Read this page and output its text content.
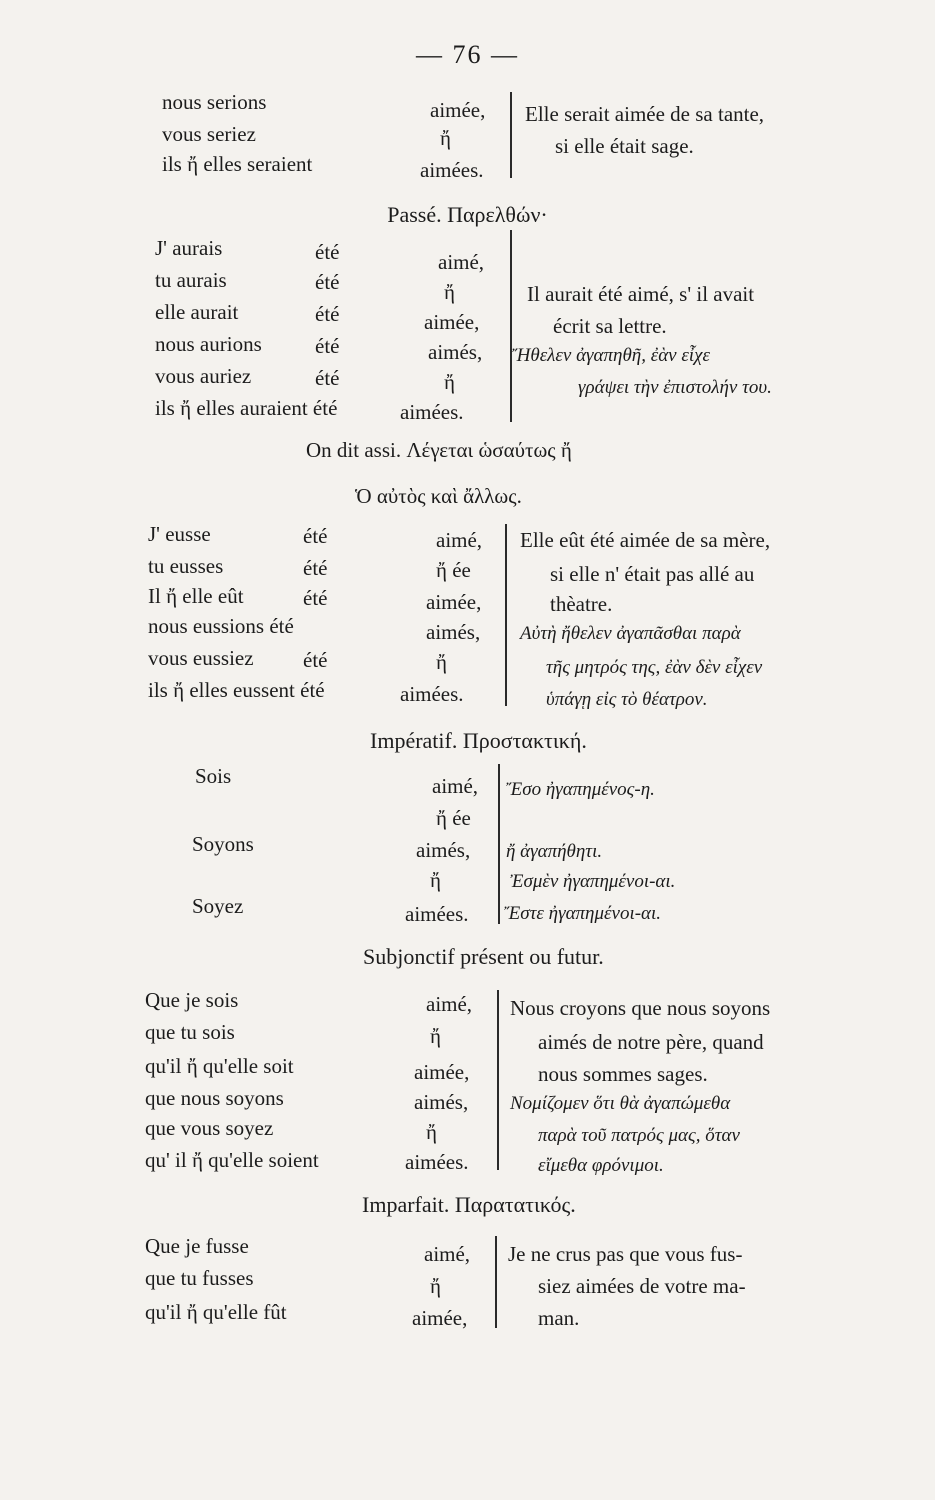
— 76 —
nous serions	aimée,
vous seriez	ἤ
ils ἤ elles seraient	aimées.
Elle serait aimée de sa tante,
si elle était sage.
Passé. Παρελθών·
J' aurais	été	aimé,
tu aurais	été	ἤ
elle aurait	été	aimée,
nous aurions	été	aimés,
vous auriez	été	ἤ
ils ἤ elles auraient été	aimées.
Il aurait été aimé, s' il avait
écrit sa lettre.
Ἤθελεν ἀγαπηθῆ, ἐὰν εἶχε
γράψει τὴν ἐπιστολήν του.
On dit assi. Λέγεται ὡσαύτως ἤ
Ὁ αὐτὸς καὶ ἄλλως.
J' eusse	été	aimé,
tu eusses	été	ἤ ée
Il ἤ elle eût	été	aimée,
nous eussions été	aimés,
vous eussiez été	ἤ
ils ἤ elles eussent été	aimées.
Elle eût été aimée de sa mère,
si elle n' était pas allé au
thèatre.
Αὐτὴ ἤθελεν ἀγαπᾶσθαι παρὰ
τῆς μητρός της, ἐὰν δὲν εἶχεν
ὑπάγῃ εἰς τὸ θέατρον.
Impératif. Προστακτική.
Sois	aimé,
ἤ ée
Soyons	aimés,
ἤ
Soyez	aimées.
Ἔσο ἠγαπημένος-η.
ἤ ἀγαπήθητι.
Ἐσμὲν ἠγαπημένοι-αι.
Ἔστε ἠγαπημένοι-αι.
Subjonctif présent ou futur.
Que je sois	aimé,
que tu sois	ἤ
qu'il ἤ qu'elle soit	aimée,
que nous soyons	aimés,
que vous soyez	ἤ
qu' il ἤ qu'elle soient	aimées.
Nous croyons que nous soyons
aimés de notre père, quand
nous sommes sages.
Νομίζομεν ὅτι θὰ ἀγαπώμεθα
παρὰ τοῦ πατρός μας, ὅταν
εἴμεθα φρόνιμοι.
Imparfait. Παρατατικός.
Que je fusse	aimé,
que tu fusses	ἤ
qu'il ἤ qu'elle fût	aimée,
Je ne crus pas que vous fus-
siez aimées de votre ma-
man.
